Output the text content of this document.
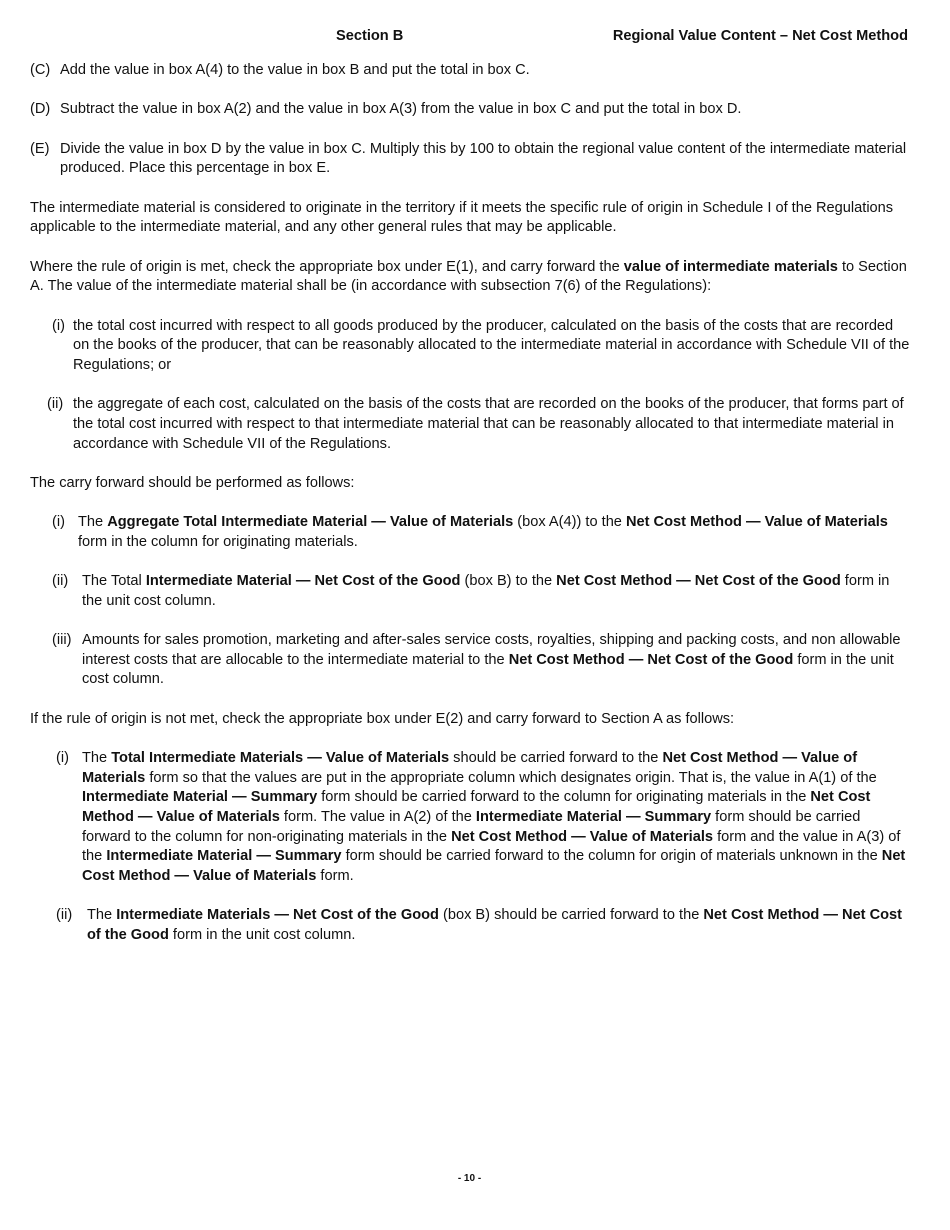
Section B	Regional Value Content – Net Cost Method
(C) Add the value in box A(4) to the value in box B and put the total in box C.
(D) Subtract the value in box A(2) and the value in box A(3) from the value in box C and put the total in box D.
(E) Divide the value in box D by the value in box C. Multiply this by 100 to obtain the regional value content of the intermediate material produced. Place this percentage in box E.

The intermediate material is considered to originate in the territory if it meets the specific rule of origin in Schedule I of the Regulations applicable to the intermediate material, and any other general rules that may be applicable.

Where the rule of origin is met, check the appropriate box under E(1), and carry forward the value of intermediate materials to Section A. The value of the intermediate material shall be (in accordance with subsection 7(6) of the Regulations):

(i) the total cost incurred with respect to all goods produced by the producer, calculated on the basis of the costs that are recorded on the books of the producer, that can be reasonably allocated to the intermediate material in accordance with Schedule VII of the Regulations; or
(ii) the aggregate of each cost, calculated on the basis of the costs that are recorded on the books of the producer, that forms part of the total cost incurred with respect to that intermediate material that can be reasonably allocated to that intermediate material in accordance with Schedule VII of the Regulations.

The carry forward should be performed as follows:

(i) The Aggregate Total Intermediate Material — Value of Materials (box A(4)) to the Net Cost Method — Value of Materials form in the column for originating materials.
(ii) The Total Intermediate Material — Net Cost of the Good (box B) to the Net Cost Method — Net Cost of the Good form in the unit cost column.
(iii) Amounts for sales promotion, marketing and after-sales service costs, royalties, shipping and packing costs, and non allowable interest costs that are allocable to the intermediate material to the Net Cost Method — Net Cost of the Good form in the unit cost column.

If the rule of origin is not met, check the appropriate box under E(2) and carry forward to Section A as follows:

(i) The Total Intermediate Materials — Value of Materials should be carried forward to the Net Cost Method — Value of Materials form so that the values are put in the appropriate column which designates origin. That is, the value in A(1) of the Intermediate Material — Summary form should be carried forward to the column for originating materials in the Net Cost Method — Value of Materials form. The value in A(2) of the Intermediate Material — Summary form should be carried forward to the column for non-originating materials in the Net Cost Method — Value of Materials form and the value in A(3) of the Intermediate Material — Summary form should be carried forward to the column for origin of materials unknown in the Net Cost Method — Value of Materials form.
(ii) The Intermediate Materials — Net Cost of the Good (box B) should be carried forward to the Net Cost Method — Net Cost of the Good form in the unit cost column.
- 10 -
